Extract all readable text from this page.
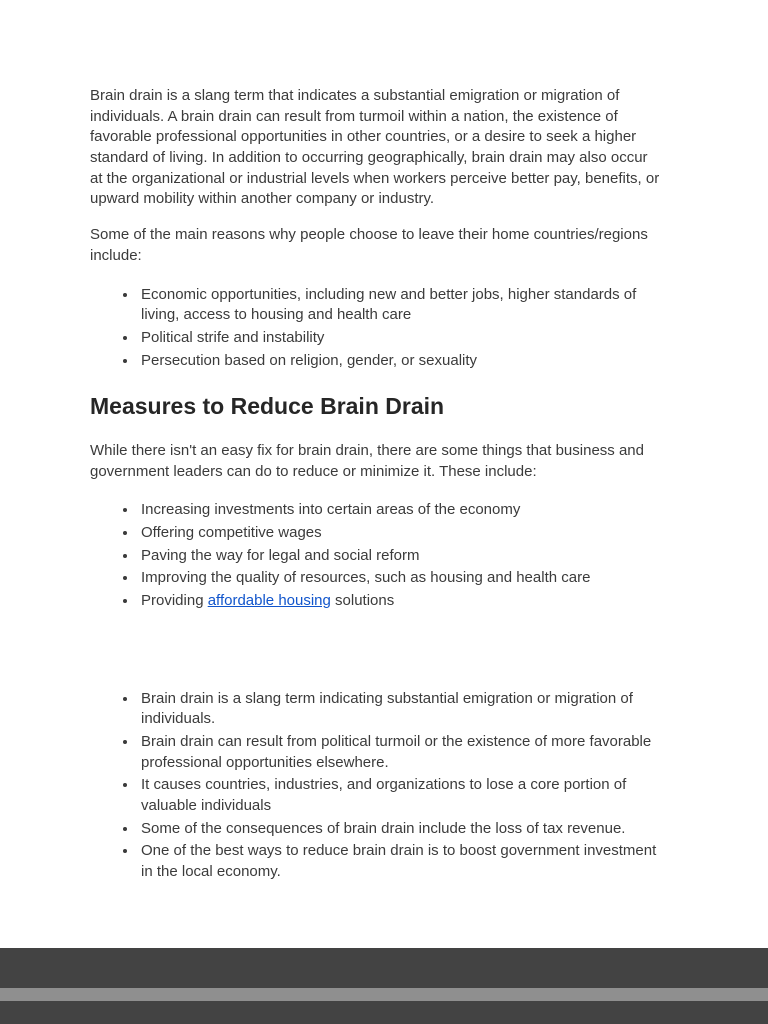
Brain drain is a slang term that indicates a substantial emigration or migration of individuals. A brain drain can result from turmoil within a nation, the existence of favorable professional opportunities in other countries, or a desire to seek a higher standard of living. In addition to occurring geographically, brain drain may also occur at the organizational or industrial levels when workers perceive better pay, benefits, or upward mobility within another company or industry.

Some of the main reasons why people choose to leave their home countries/regions include:

• Economic opportunities, including new and better jobs, higher standards of living, access to housing and health care
• Political strife and instability
• Persecution based on religion, gender, or sexuality
Measures to Reduce Brain Drain

While there isn't an easy fix for brain drain, there are some things that business and government leaders can do to reduce or minimize it. These include:

• Increasing investments into certain areas of the economy
• Offering competitive wages
• Paving the way for legal and social reform
• Improving the quality of resources, such as housing and health care
• Providing affordable housing solutions
• Brain drain is a slang term indicating substantial emigration or migration of individuals.
• Brain drain can result from political turmoil or the existence of more favorable professional opportunities elsewhere.
• It causes countries, industries, and organizations to lose a core portion of valuable individuals
• Some of the consequences of brain drain include the loss of tax revenue.
• One of the best ways to reduce brain drain is to boost government investment in the local economy.
